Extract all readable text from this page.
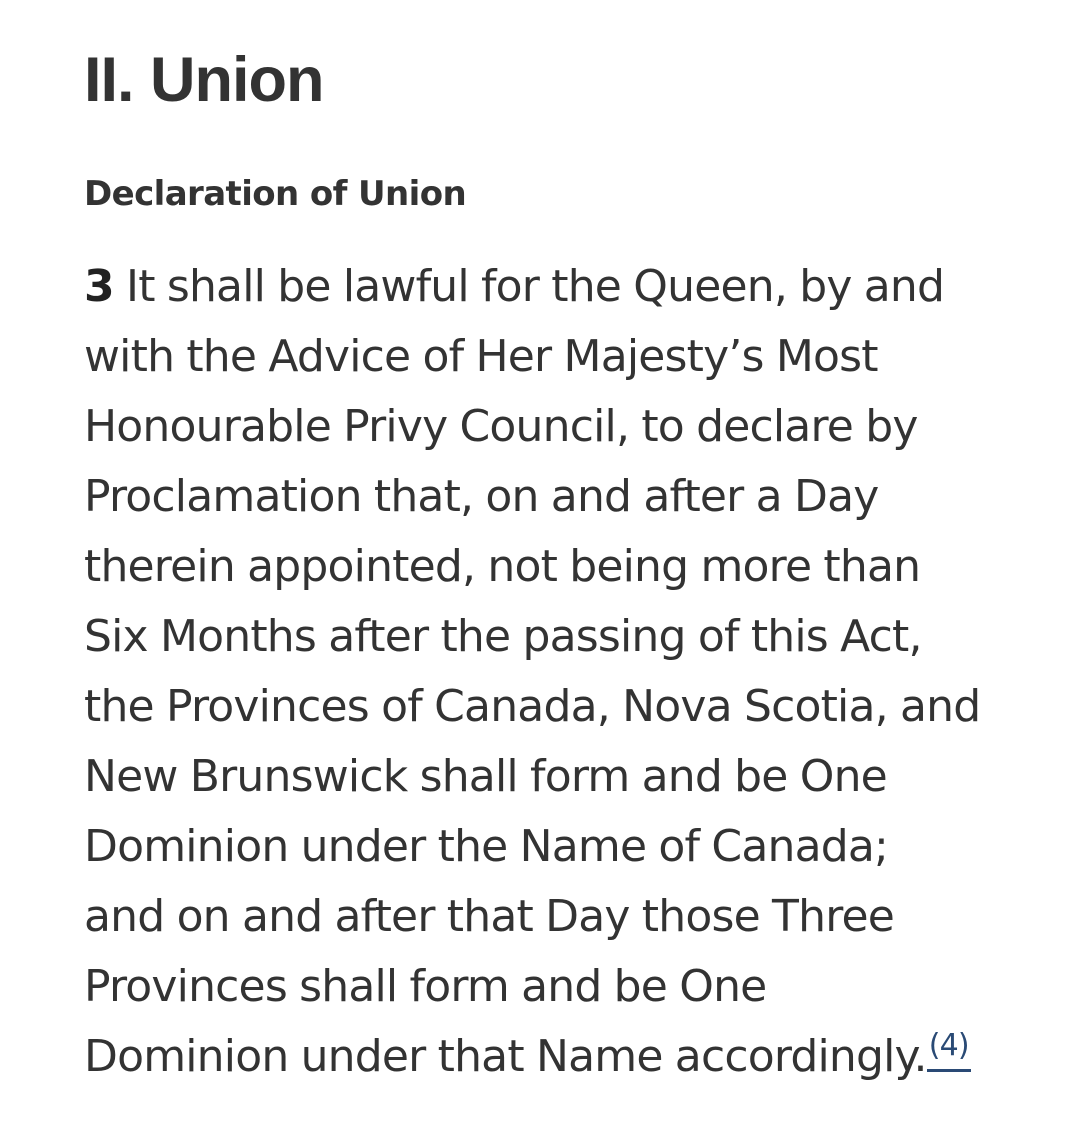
II. Union
Declaration of Union

3 It shall be lawful for the Queen, by and
with the Advice of Her Majesty’s Most
Honourable Privy Council, to declare by
Proclamation that, on and after a Day
therein appointed, not being more than
Six Months after the passing of this Act,
the Provinces of Canada, Nova Scotia, and
New Brunswick shall form and be One
Dominion under the Name of Canada;
and on and after that Day those Three
Provinces shall form and be One
Dominion under that Name accordingly.$^{(4)}$
